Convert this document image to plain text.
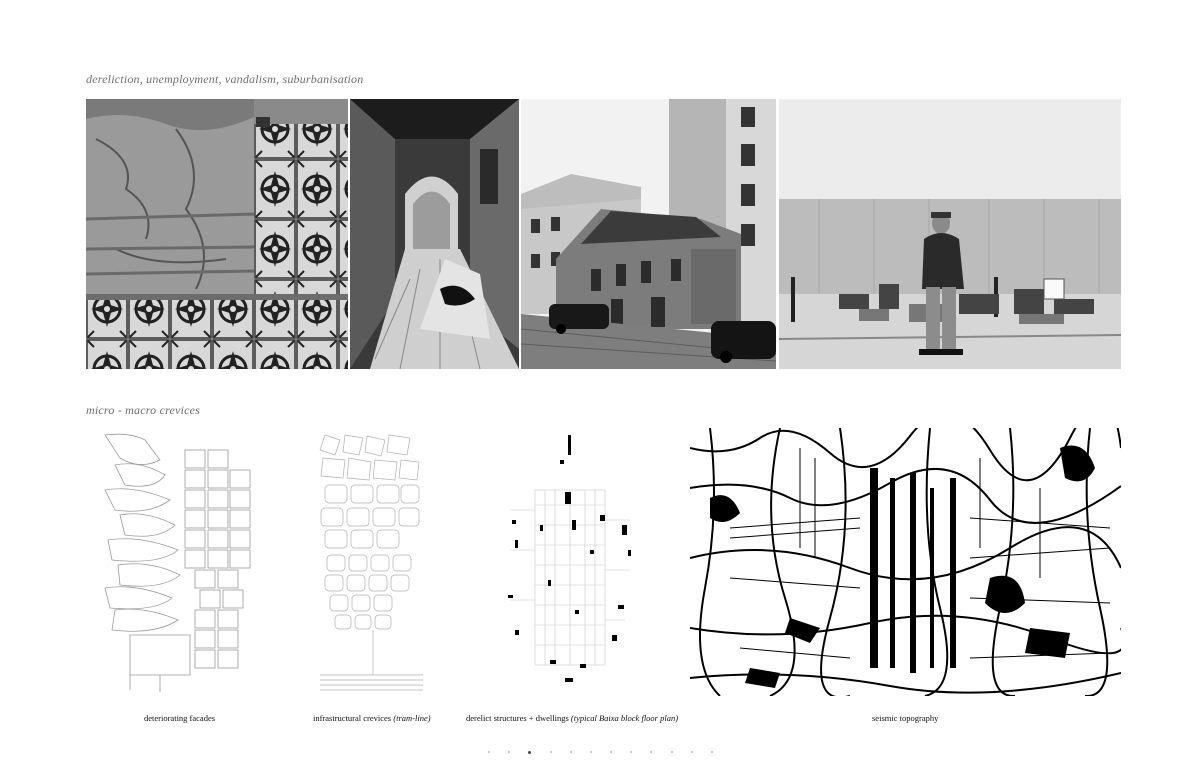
dereliction, unemployment, vandalism, suburbanisation
micro - macro crevices
deteriorating facades	infrastructural crevices (tram-line)	derelict structures + dwellings (typical Baixa block floor plan)	seismic topography
